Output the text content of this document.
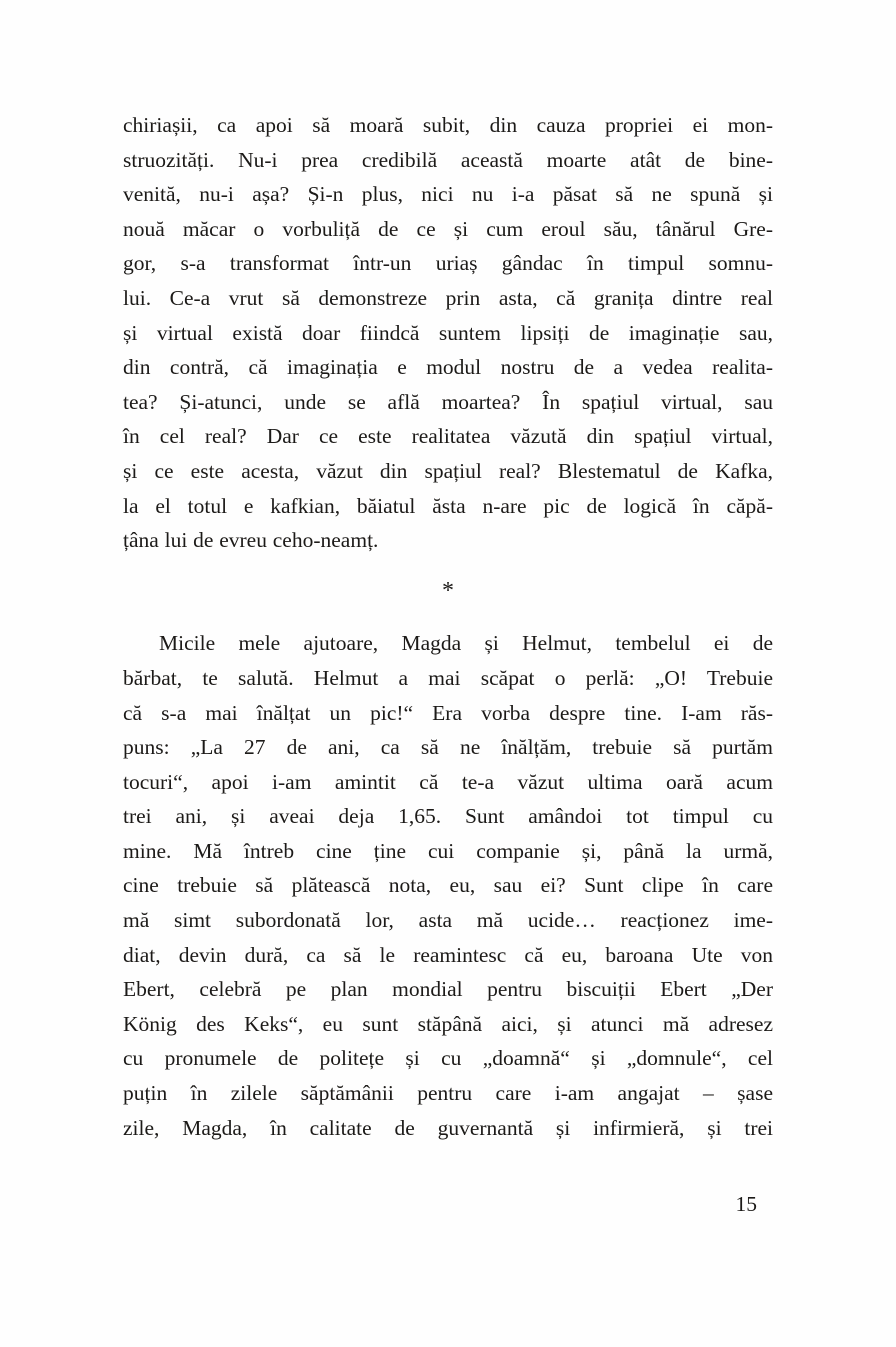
chiriașii, ca apoi să moară subit, din cauza propriei ei mon-
struozități. Nu-i prea credibilă această moarte atât de bine-
venită, nu-i așa? Și-n plus, nici nu i-a păsat să ne spună și
nouă măcar o vorbuliță de ce și cum eroul său, tânărul Gre-
gor, s-a transformat într-un uriaș gândac în timpul somnu-
lui. Ce-a vrut să demonstreze prin asta, că granița dintre real
și virtual există doar fiindcă suntem lipsiți de imaginație sau,
din contră, că imaginația e modul nostru de a vedea realita-
tea? Și-atunci, unde se află moartea? În spațiul virtual, sau
în cel real? Dar ce este realitatea văzută din spațiul virtual,
și ce este acesta, văzut din spațiul real? Blestematul de Kafka,
la el totul e kafkian, băiatul ăsta n-are pic de logică în căpă-
țâna lui de evreu ceho-neamț.
*
Micile mele ajutoare, Magda și Helmut, tembelul ei de
bărbat, te salută. Helmut a mai scăpat o perlă: „O! Trebuie
că s-a mai înălțat un pic!“ Era vorba despre tine. I-am răs-
puns: „La 27 de ani, ca să ne înălțăm, trebuie să purtăm
tocuri“, apoi i-am amintit că te-a văzut ultima oară acum
trei ani, și aveai deja 1,65. Sunt amândoi tot timpul cu
mine. Mă întreb cine ține cui companie și, până la urmă,
cine trebuie să plătească nota, eu, sau ei? Sunt clipe în care
mă simt subordonată lor, asta mă ucide… reacționez ime-
diat, devin dură, ca să le reamintesc că eu, baroana Ute von
Ebert, celebră pe plan mondial pentru biscuiții Ebert „Der
König des Keks“, eu sunt stăpână aici, și atunci mă adresez
cu pronumele de politețe și cu „doamnă“ și „domnule“, cel
puțin în zilele săptămânii pentru care i-am angajat – șase
zile, Magda, în calitate de guvernantă și infirmieră, și trei
15
